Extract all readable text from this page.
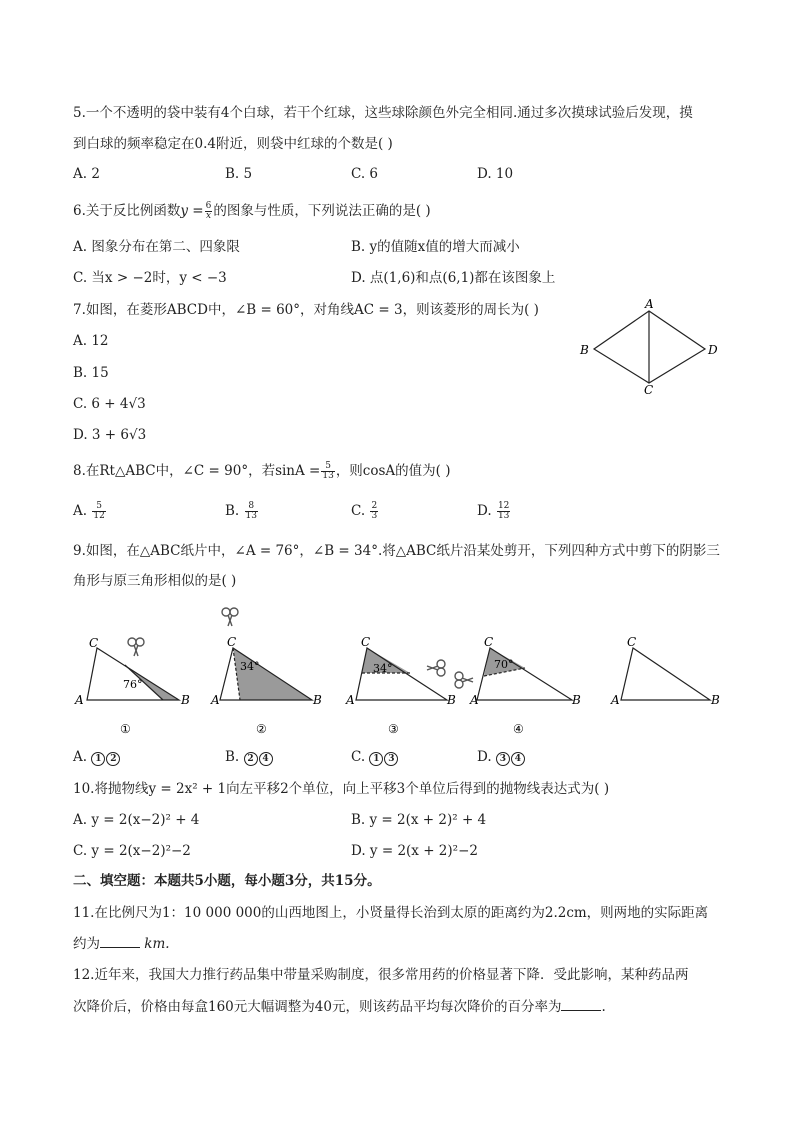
5.一个不透明的袋中装有4个白球，若干个红球，这些球除颜色外完全相同.通过多次摸球试验后发现，摸
到白球的频率稳定在0.4附近，则袋中红球的个数是( )
A. 2	B. 5	C. 6	D. 10
6.关于反比例函数$y = \frac{6}{x}$ 的图象与性质，下列说法正确的是( )
A. 图象分布在第二、四象限	B. y的值随x值的增大而减小
C. 当x > −2时，y < −3	D. 点(1,6)和点(6,1)都在该图象上
7.如图，在菱形ABCD中，∠B = 60°，对角线AC = 3，则该菱形的周长为( )
A. 12
B. 15
C. 6 + 4√3
D. 3 + 6√3
A
B
C
D
8.在Rt△ABC中，∠C = 90°，若$\sin A = \frac{5}{13}$ ，则cosA的值为( )
A. $\frac{5}{12}$	B. $\frac{8}{13}$	C. $\frac{2}{3}$	D. $\frac{12}{13}$
9.如图，在△ABC纸片中，∠A = 76°，∠B = 34°.将△ABC纸片沿某处剪开，下列四种方式中剪下的阴影三
角形与原三角形相似的是( )
C
A	B
76°
①
C
A	B
34°
②
C
A	B
34°
③
C
A	B
70°
④
C
A	B
A. 1 2	B. 2 4	C. 1 3	D. 3 4
10.将抛物线y = 2x² + 1向左平移2个单位，向上平移3个单位后得到的抛物线表达式为( )
A. y = 2(x−2)² + 4	B. y = 2(x + 2)² + 4
C. y = 2(x−2)²−2	D. y = 2(x + 2)²−2
二、填空题：本题共5小题，每小题3分，共15分。
11.在比例尺为1：10 000 000的山西地图上，小贤量得长治到太原的距离约为2.2cm，则两地的实际距离
约为	km.
12.近年来，我国大力推行药品集中带量采购制度，很多常用药的价格显著下降．受此影响，某种药品两
次降价后，价格由每盒160元大幅调整为40元，则该药品平均每次降价的百分率为	.
